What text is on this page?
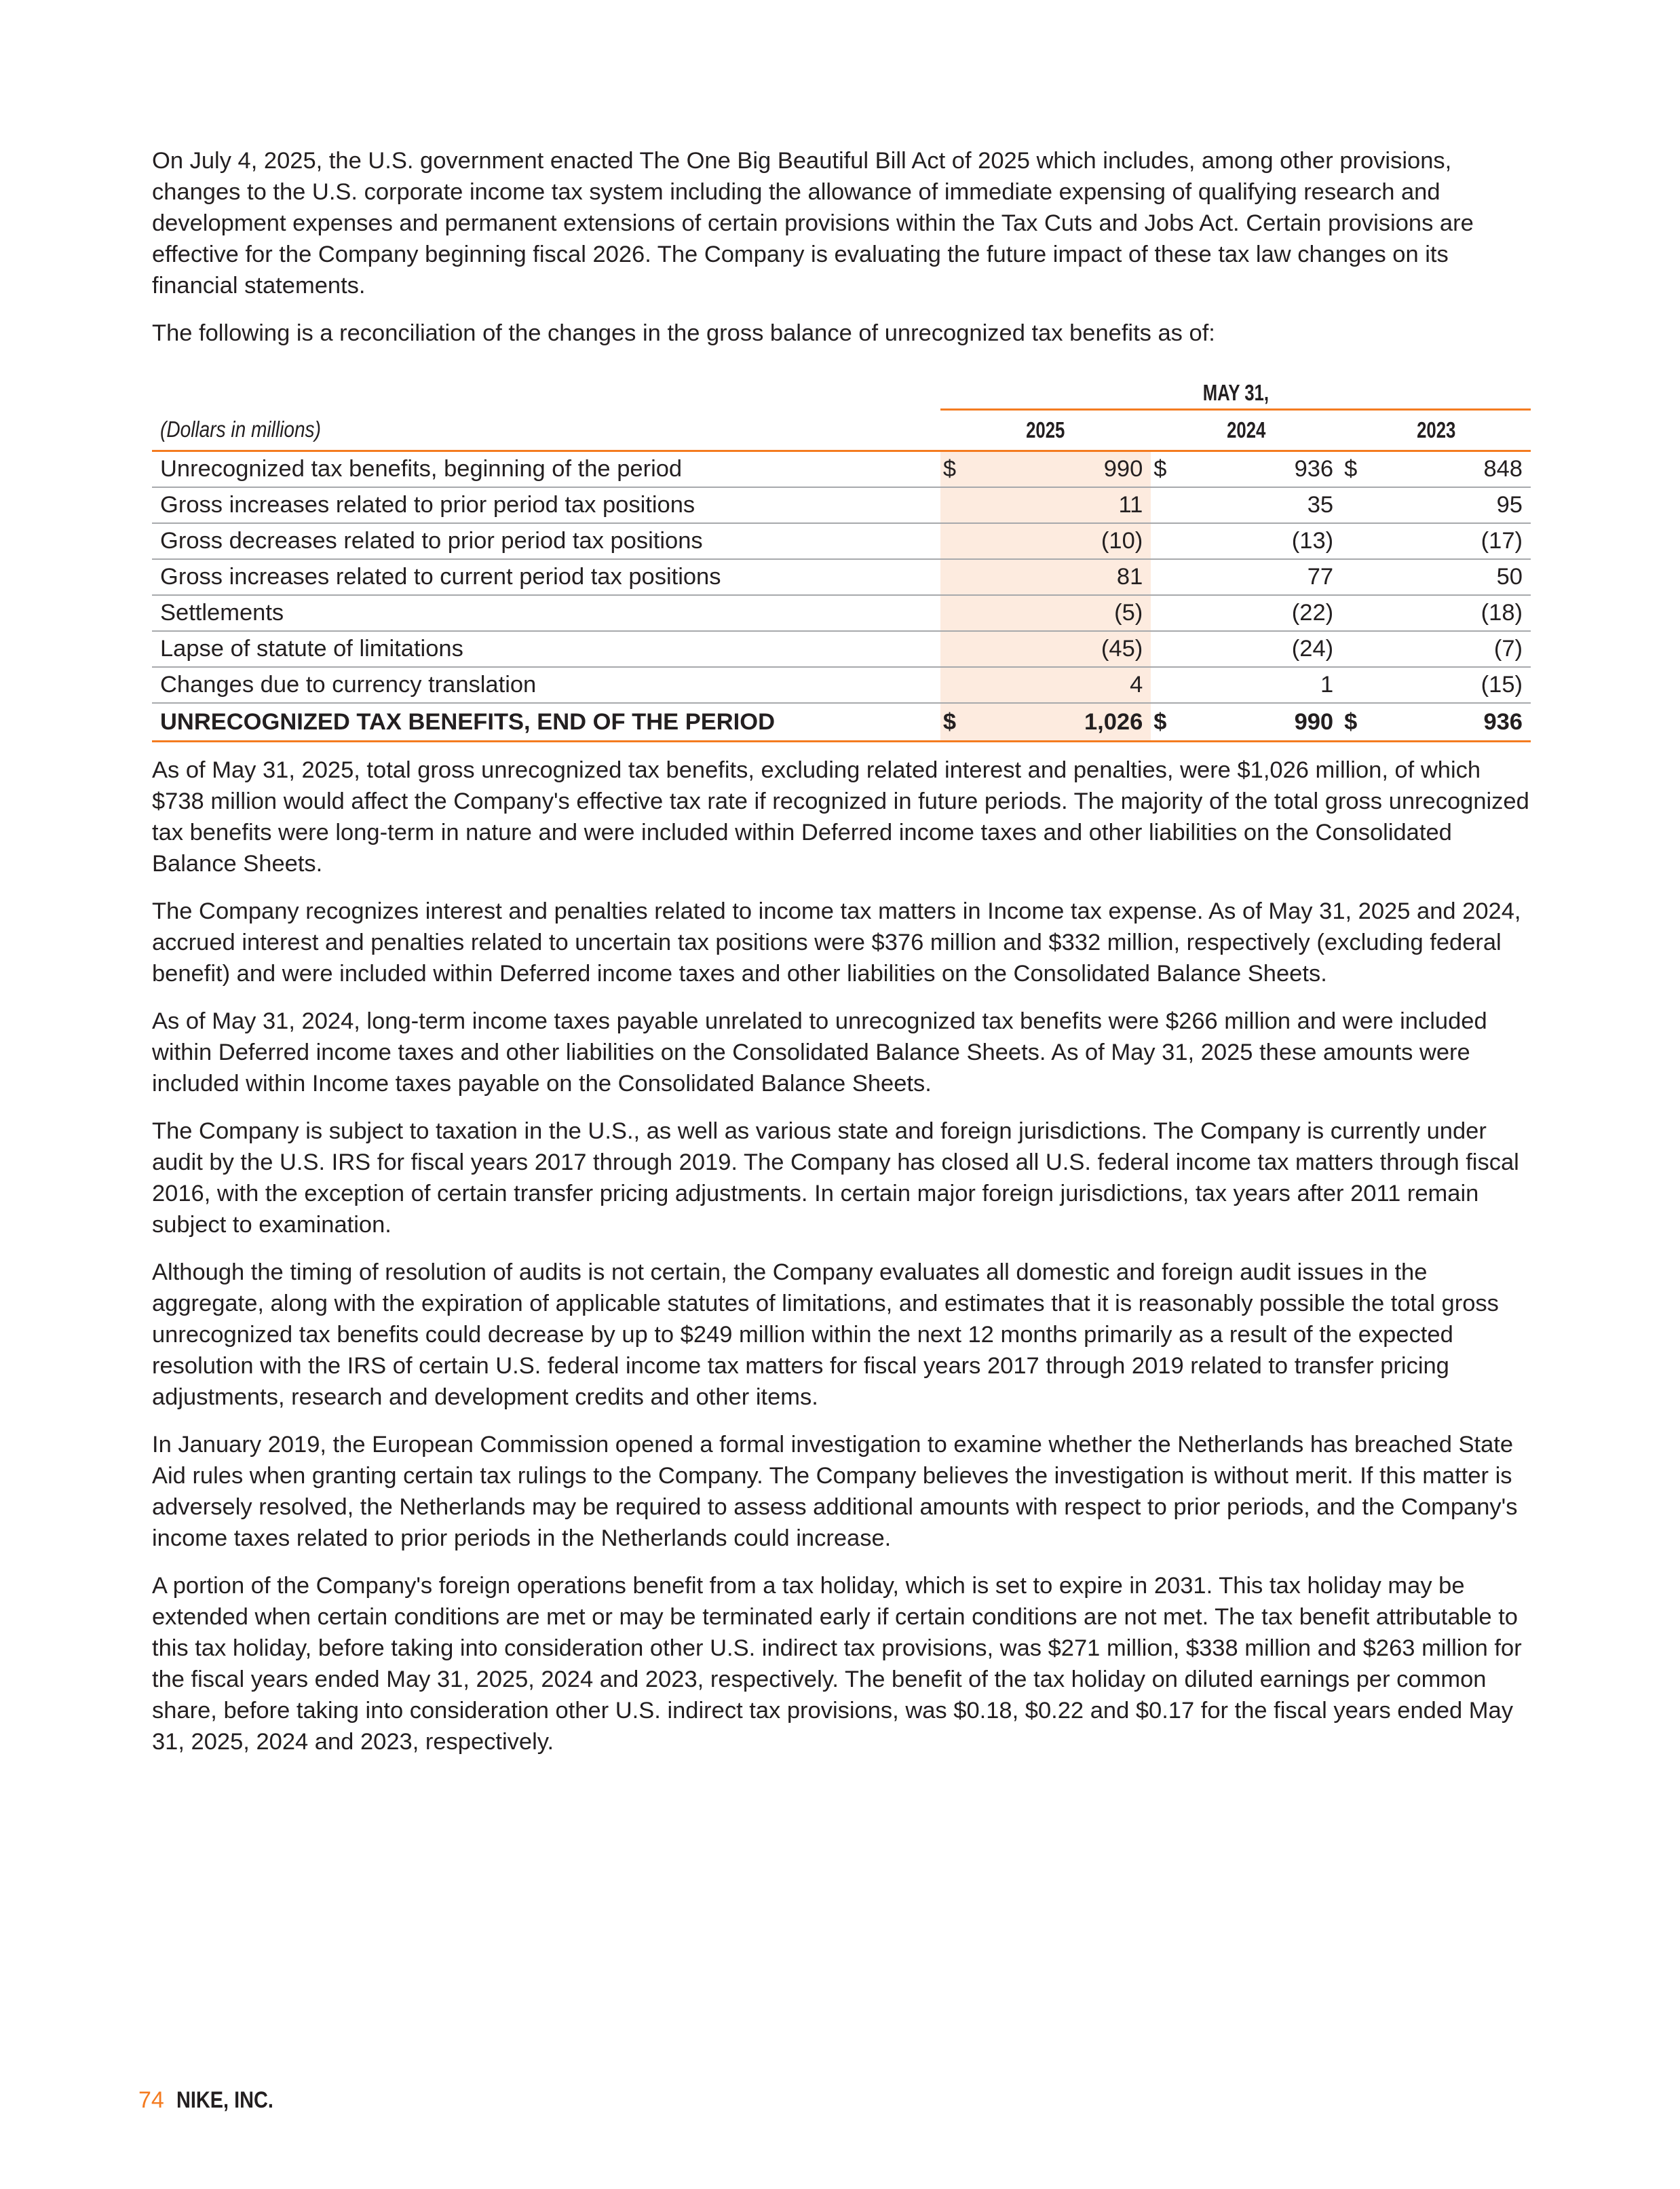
On July 4, 2025, the U.S. government enacted The One Big Beautiful Bill Act of 2025 which includes, among other provisions, changes to the U.S. corporate income tax system including the allowance of immediate expensing of qualifying research and development expenses and permanent extensions of certain provisions within the Tax Cuts and Jobs Act. Certain provisions are effective for the Company beginning fiscal 2026. The Company is evaluating the future impact of these tax law changes on its financial statements.

The following is a reconciliation of the changes in the gross balance of unrecognized tax benefits as of:

	MAY 31,					
(Dollars in millions)	2025		2024		2023	
Unrecognized tax benefits, beginning of the period	$	990	$	936	$	848
Gross increases related to prior period tax positions		11		35		95
Gross decreases related to prior period tax positions		(10)		(13)		(17)
Gross increases related to current period tax positions		81		77		50
Settlements		(5)		(22)		(18)
Lapse of statute of limitations		(45)		(24)		(7)
Changes due to currency translation		4		1		(15)
UNRECOGNIZED TAX BENEFITS, END OF THE PERIOD	$	1,026	$	990	$	936

As of May 31, 2025, total gross unrecognized tax benefits, excluding related interest and penalties, were $1,026 million, of which $738 million would affect the Company's effective tax rate if recognized in future periods. The majority of the total gross unrecognized tax benefits were long-term in nature and were included within Deferred income taxes and other liabilities on the Consolidated Balance Sheets.

The Company recognizes interest and penalties related to income tax matters in Income tax expense. As of May 31, 2025 and 2024, accrued interest and penalties related to uncertain tax positions were $376 million and $332 million, respectively (excluding federal benefit) and were included within Deferred income taxes and other liabilities on the Consolidated Balance Sheets.

As of May 31, 2024, long-term income taxes payable unrelated to unrecognized tax benefits were $266 million and were included within Deferred income taxes and other liabilities on the Consolidated Balance Sheets. As of May 31, 2025 these amounts were included within Income taxes payable on the Consolidated Balance Sheets.

The Company is subject to taxation in the U.S., as well as various state and foreign jurisdictions. The Company is currently under audit by the U.S. IRS for fiscal years 2017 through 2019. The Company has closed all U.S. federal income tax matters through fiscal 2016, with the exception of certain transfer pricing adjustments. In certain major foreign jurisdictions, tax years after 2011 remain subject to examination.

Although the timing of resolution of audits is not certain, the Company evaluates all domestic and foreign audit issues in the aggregate, along with the expiration of applicable statutes of limitations, and estimates that it is reasonably possible the total gross unrecognized tax benefits could decrease by up to $249 million within the next 12 months primarily as a result of the expected resolution with the IRS of certain U.S. federal income tax matters for fiscal years 2017 through 2019 related to transfer pricing adjustments, research and development credits and other items.

In January 2019, the European Commission opened a formal investigation to examine whether the Netherlands has breached State Aid rules when granting certain tax rulings to the Company. The Company believes the investigation is without merit. If this matter is adversely resolved, the Netherlands may be required to assess additional amounts with respect to prior periods, and the Company's income taxes related to prior periods in the Netherlands could increase.

A portion of the Company's foreign operations benefit from a tax holiday, which is set to expire in 2031. This tax holiday may be extended when certain conditions are met or may be terminated early if certain conditions are not met. The tax benefit attributable to this tax holiday, before taking into consideration other U.S. indirect tax provisions, was $271 million, $338 million and $263 million for the fiscal years ended May 31, 2025, 2024 and 2023, respectively. The benefit of the tax holiday on diluted earnings per common share, before taking into consideration other U.S. indirect tax provisions, was $0.18, $0.22 and $0.17 for the fiscal years ended May 31, 2025, 2024 and 2023, respectively.

74 NIKE, INC.
